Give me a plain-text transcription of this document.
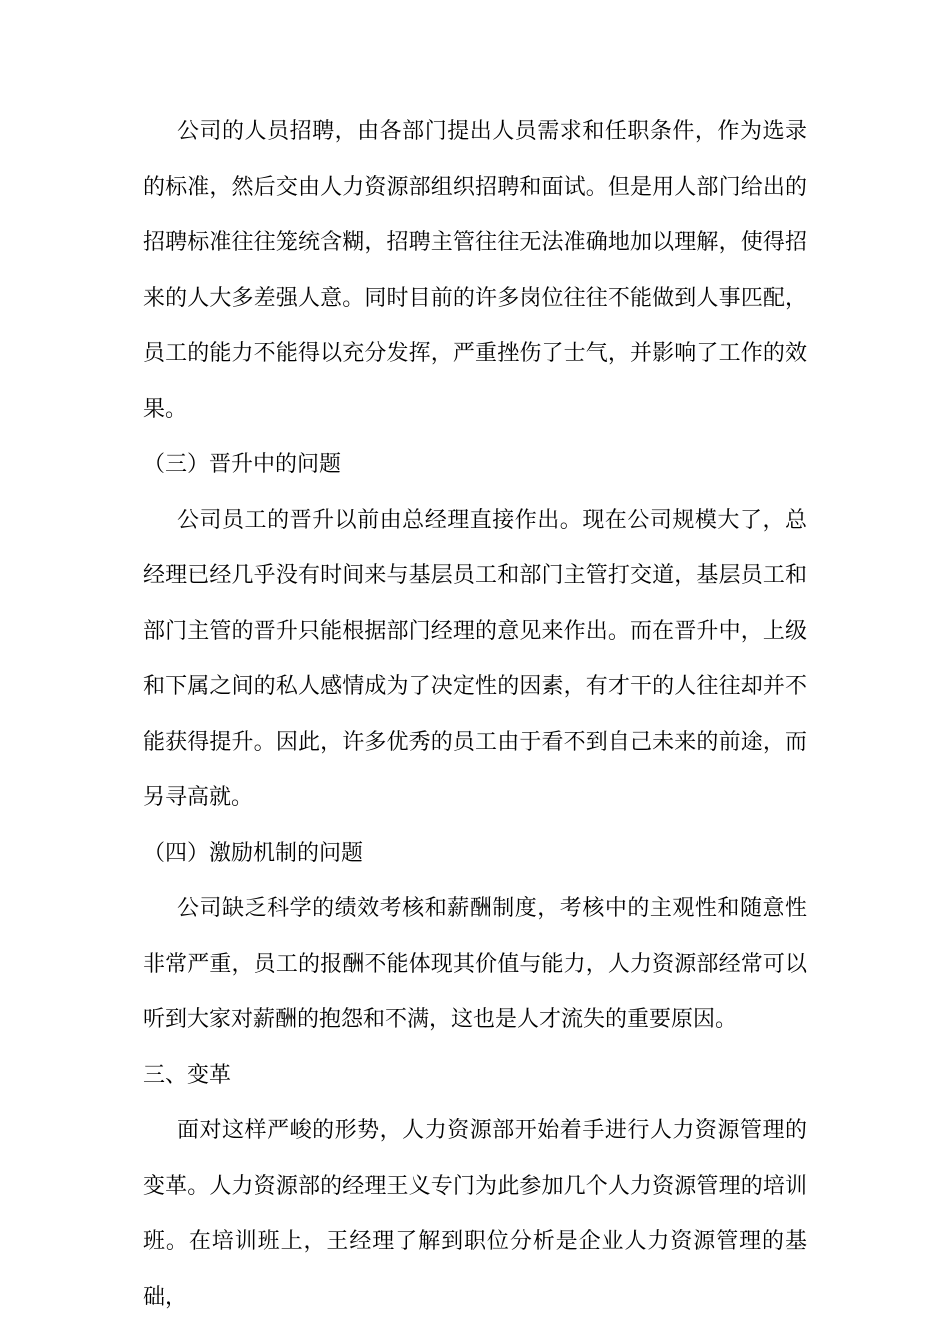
公司的人员招聘，由各部门提出人员需求和任职条件，作为选录的标准，然后交由人力资源部组织招聘和面试。但是用人部门给出的招聘标准往往笼统含糊，招聘主管往往无法准确地加以理解，使得招来的人大多差强人意。同时目前的许多岗位往往不能做到人事匹配，员工的能力不能得以充分发挥，严重挫伤了士气，并影响了工作的效果。

（三）晋升中的问题

公司员工的晋升以前由总经理直接作出。现在公司规模大了，总经理已经几乎没有时间来与基层员工和部门主管打交道，基层员工和部门主管的晋升只能根据部门经理的意见来作出。而在晋升中，上级和下属之间的私人感情成为了决定性的因素，有才干的人往往却并不能获得提升。因此，许多优秀的员工由于看不到自己未来的前途，而另寻高就。

（四）激励机制的问题

公司缺乏科学的绩效考核和薪酬制度，考核中的主观性和随意性非常严重，员工的报酬不能体现其价值与能力，人力资源部经常可以听到大家对薪酬的抱怨和不满，这也是人才流失的重要原因。

三、变革

面对这样严峻的形势，人力资源部开始着手进行人力资源管理的变革。人力资源部的经理王义专门为此参加几个人力资源管理的培训班。在培训班上，王经理了解到职位分析是企业人力资源管理的基础，
